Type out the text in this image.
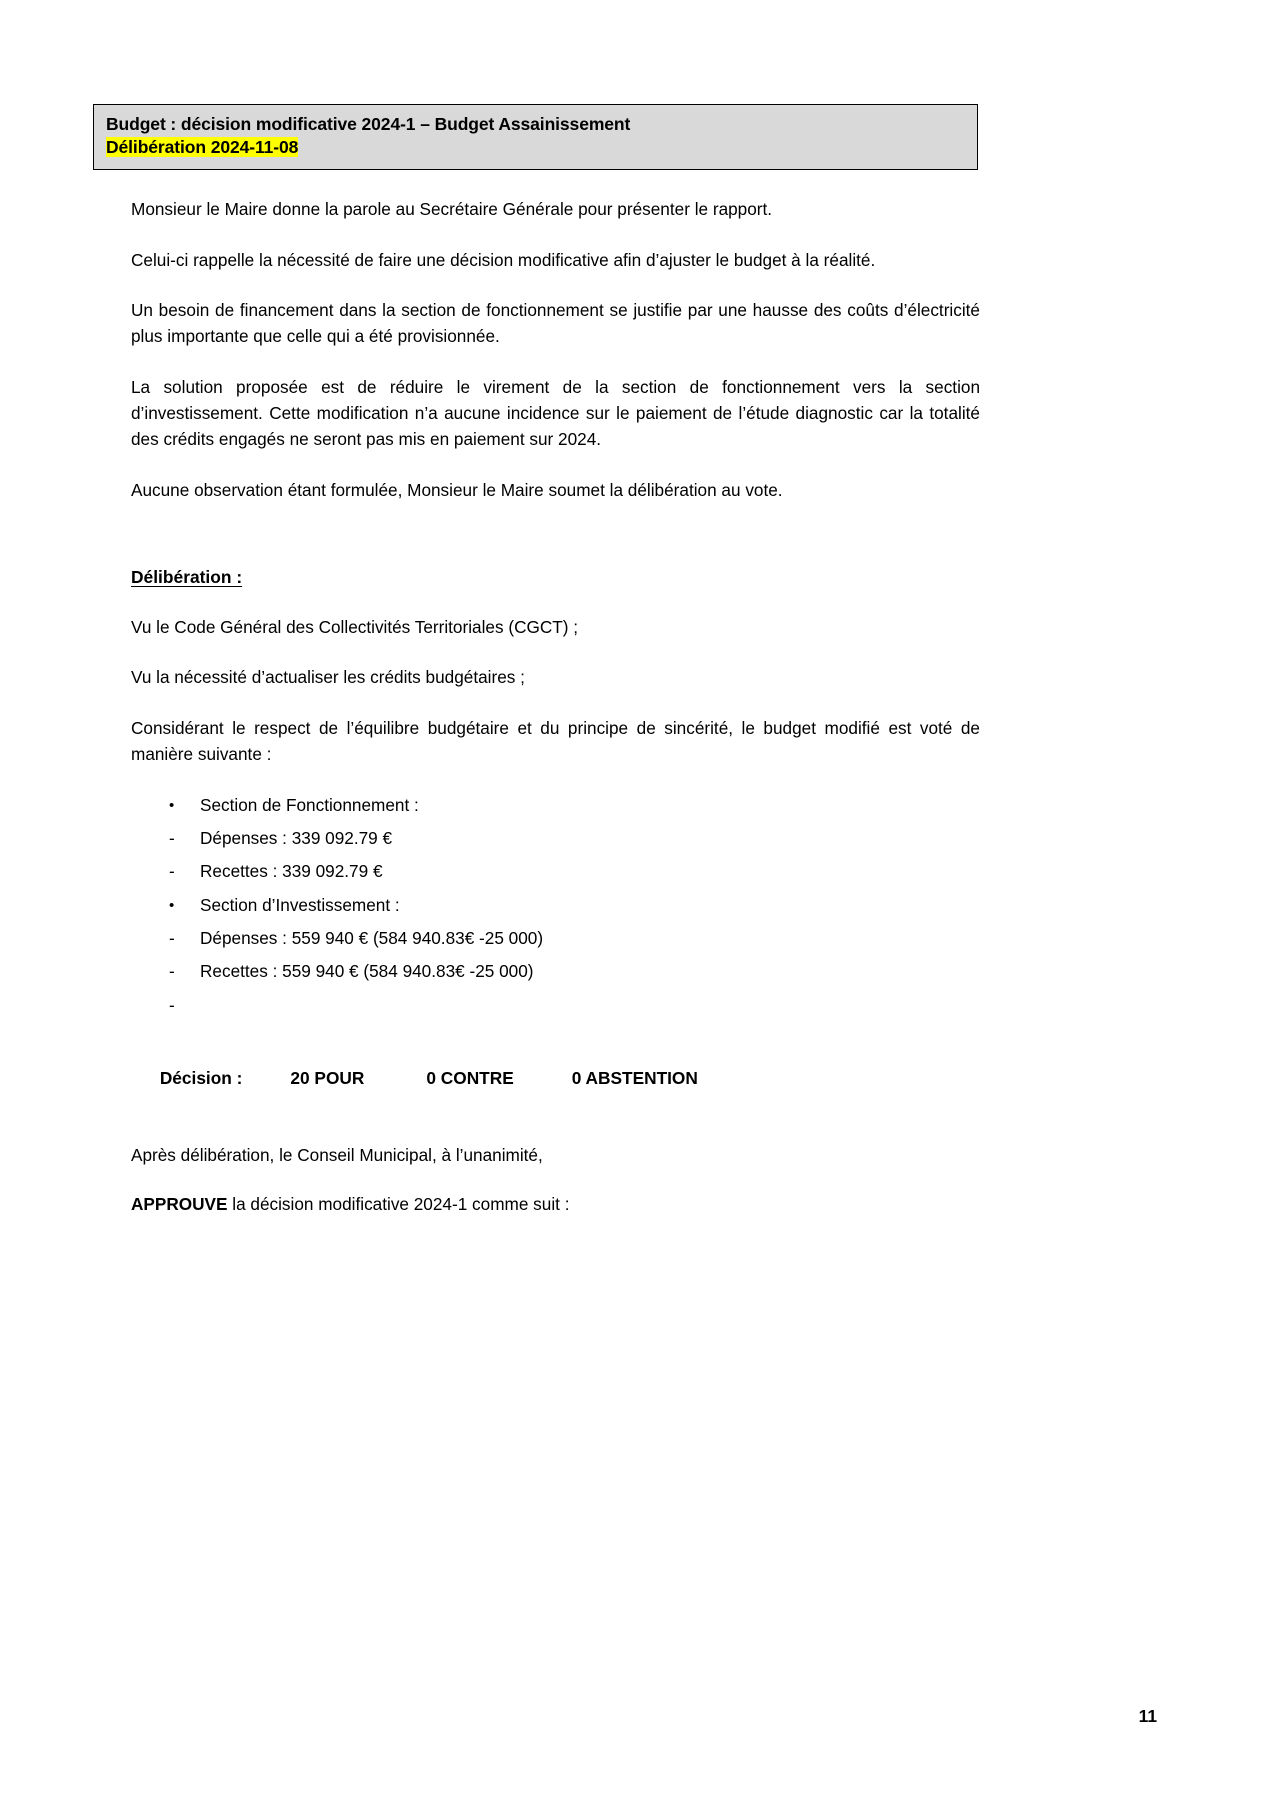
Budget : décision modificative 2024-1 – Budget Assainissement
Délibération 2024-11-08

Monsieur le Maire donne la parole au Secrétaire Générale pour présenter le rapport.

Celui-ci rappelle la nécessité de faire une décision modificative afin d’ajuster le budget à la réalité.

Un besoin de financement dans la section de fonctionnement se justifie par une hausse des coûts d’électricité plus importante que celle qui a été provisionnée.

La solution proposée est de réduire le virement de la section de fonctionnement vers la section d’investissement. Cette modification n’a aucune incidence sur le paiement de l’étude diagnostic car la totalité des crédits engagés ne seront pas mis en paiement sur 2024.

Aucune observation étant formulée, Monsieur le Maire soumet la délibération au vote.

Délibération :

Vu le Code Général des Collectivités Territoriales (CGCT) ;

Vu la nécessité d’actualiser les crédits budgétaires ;

Considérant le respect de l’équilibre budgétaire et du principe de sincérité, le budget modifié est voté de manière suivante :

•	Section de Fonctionnement :
-	Dépenses : 339 092.79 €
-	Recettes : 339 092.79 €
•	Section d’Investissement :
-	Dépenses : 559 940 € (584 940.83€ -25 000)
-	Recettes : 559 940 € (584 940.83€ -25 000)
-

Décision :	20 POUR	0 CONTRE	0 ABSTENTION

Après délibération, le Conseil Municipal, à l’unanimité,

APPROUVE la décision modificative 2024-1 comme suit :

11
